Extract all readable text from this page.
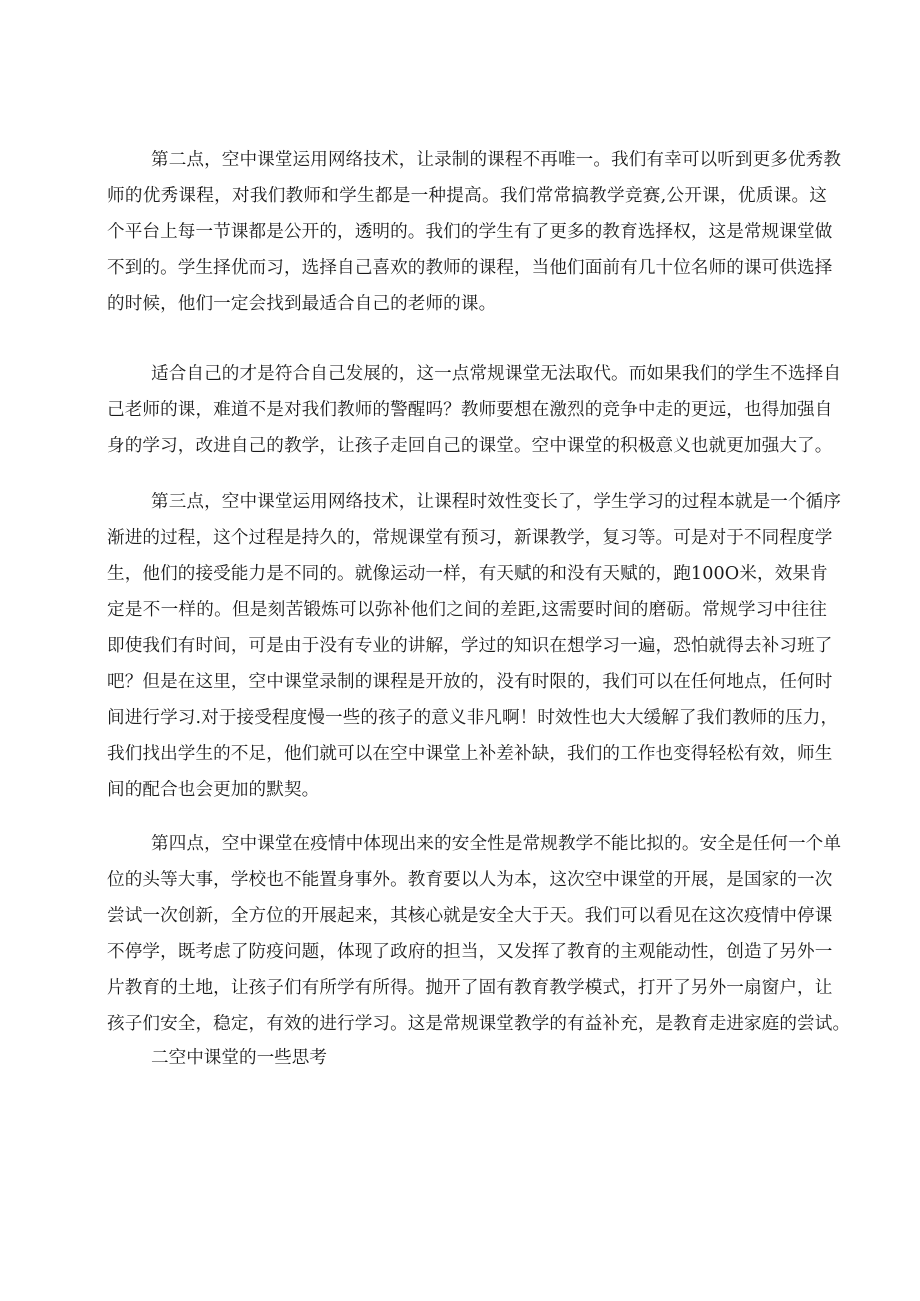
第二点，空中课堂运用网络技术，让录制的课程不再唯一。我们有幸可以听到更多优秀教
师的优秀课程，对我们教师和学生都是一种提高。我们常常搞教学竞赛,公开课，优质课。这
个平台上每一节课都是公开的，透明的。我们的学生有了更多的教育选择权，这是常规课堂做
不到的。学生择优而习，选择自己喜欢的教师的课程，当他们面前有几十位名师的课可供选择
的时候，他们一定会找到最适合自己的老师的课。
适合自己的才是符合自己发展的，这一点常规课堂无法取代。而如果我们的学生不选择自
己老师的课，难道不是对我们教师的警醒吗？教师要想在激烈的竞争中走的更远，也得加强自
身的学习，改进自己的教学，让孩子走回自己的课堂。空中课堂的积极意义也就更加强大了。
第三点，空中课堂运用网络技术，让课程时效性变长了，学生学习的过程本就是一个循序
渐进的过程，这个过程是持久的，常规课堂有预习，新课教学，复习等。可是对于不同程度学
生，他们的接受能力是不同的。就像运动一样，有天赋的和没有天赋的，跑100O米，效果肯
定是不一样的。但是刻苦锻炼可以弥补他们之间的差距,这需要时间的磨砺。常规学习中往往
即使我们有时间，可是由于没有专业的讲解，学过的知识在想学习一遍，恐怕就得去补习班了
吧？但是在这里，空中课堂录制的课程是开放的，没有时限的，我们可以在任何地点，任何时
间进行学习.对于接受程度慢一些的孩子的意义非凡啊！时效性也大大缓解了我们教师的压力，
我们找出学生的不足，他们就可以在空中课堂上补差补缺，我们的工作也变得轻松有效，师生
间的配合也会更加的默契。
第四点，空中课堂在疫情中体现出来的安全性是常规教学不能比拟的。安全是任何一个单
位的头等大事，学校也不能置身事外。教育要以人为本，这次空中课堂的开展，是国家的一次
尝试一次创新，全方位的开展起来，其核心就是安全大于天。我们可以看见在这次疫情中停课
不停学，既考虑了防疫问题，体现了政府的担当，又发挥了教育的主观能动性，创造了另外一
片教育的土地，让孩子们有所学有所得。抛开了固有教育教学模式，打开了另外一扇窗户，让
孩子们安全，稳定，有效的进行学习。这是常规课堂教学的有益补充，是教育走进家庭的尝试。
二空中课堂的一些思考
